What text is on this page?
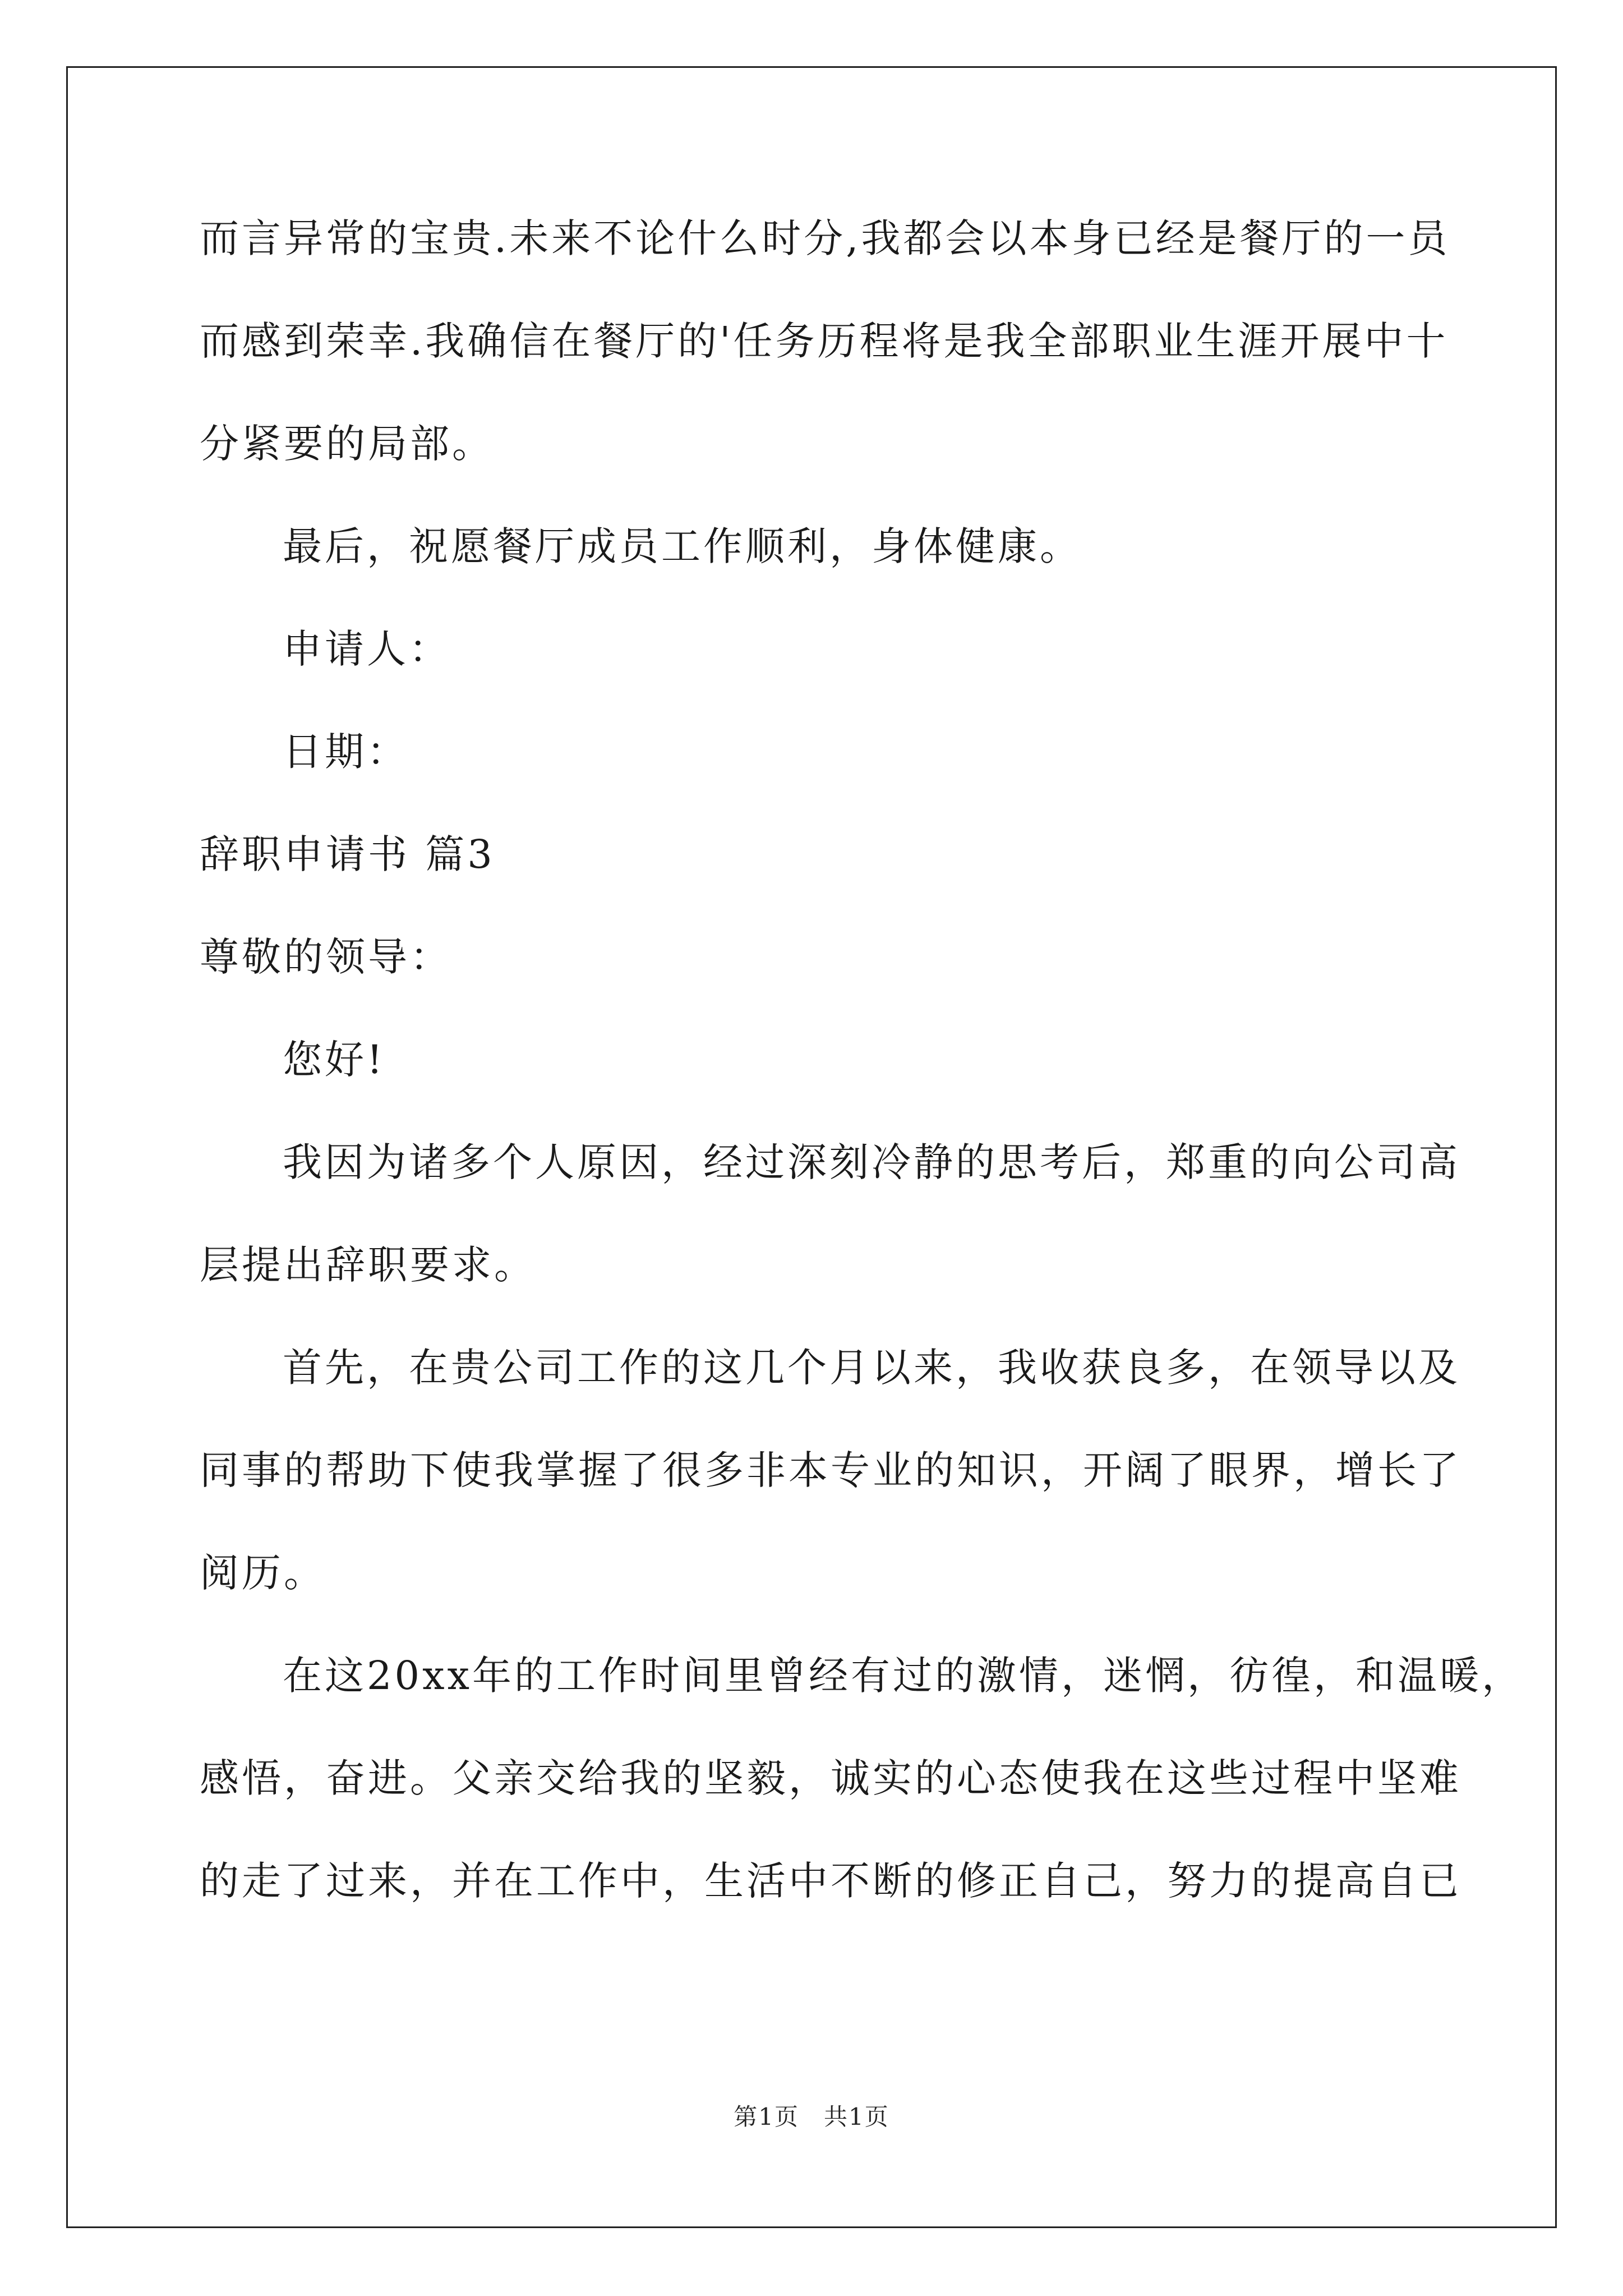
而言异常的宝贵.未来不论什么时分,我都会以本身已经是餐厅的一员
而感到荣幸.我确信在餐厅的'任务历程将是我全部职业生涯开展中十
分紧要的局部。
最后，祝愿餐厅成员工作顺利，身体健康。
申请人：
日期：
辞职申请书 篇3
尊敬的领导：
您好!
我因为诸多个人原因，经过深刻冷静的思考后，郑重的向公司高
层提出辞职要求。
首先，在贵公司工作的这几个月以来，我收获良多，在领导以及
同事的帮助下使我掌握了很多非本专业的知识，开阔了眼界，增长了
阅历。
在这20xx年的工作时间里曾经有过的激情，迷惘，彷徨，和温暖，
感悟，奋进。父亲交给我的坚毅，诚实的心态使我在这些过程中坚难
的走了过来，并在工作中，生活中不断的修正自己，努力的提高自已
第1页　共1页
